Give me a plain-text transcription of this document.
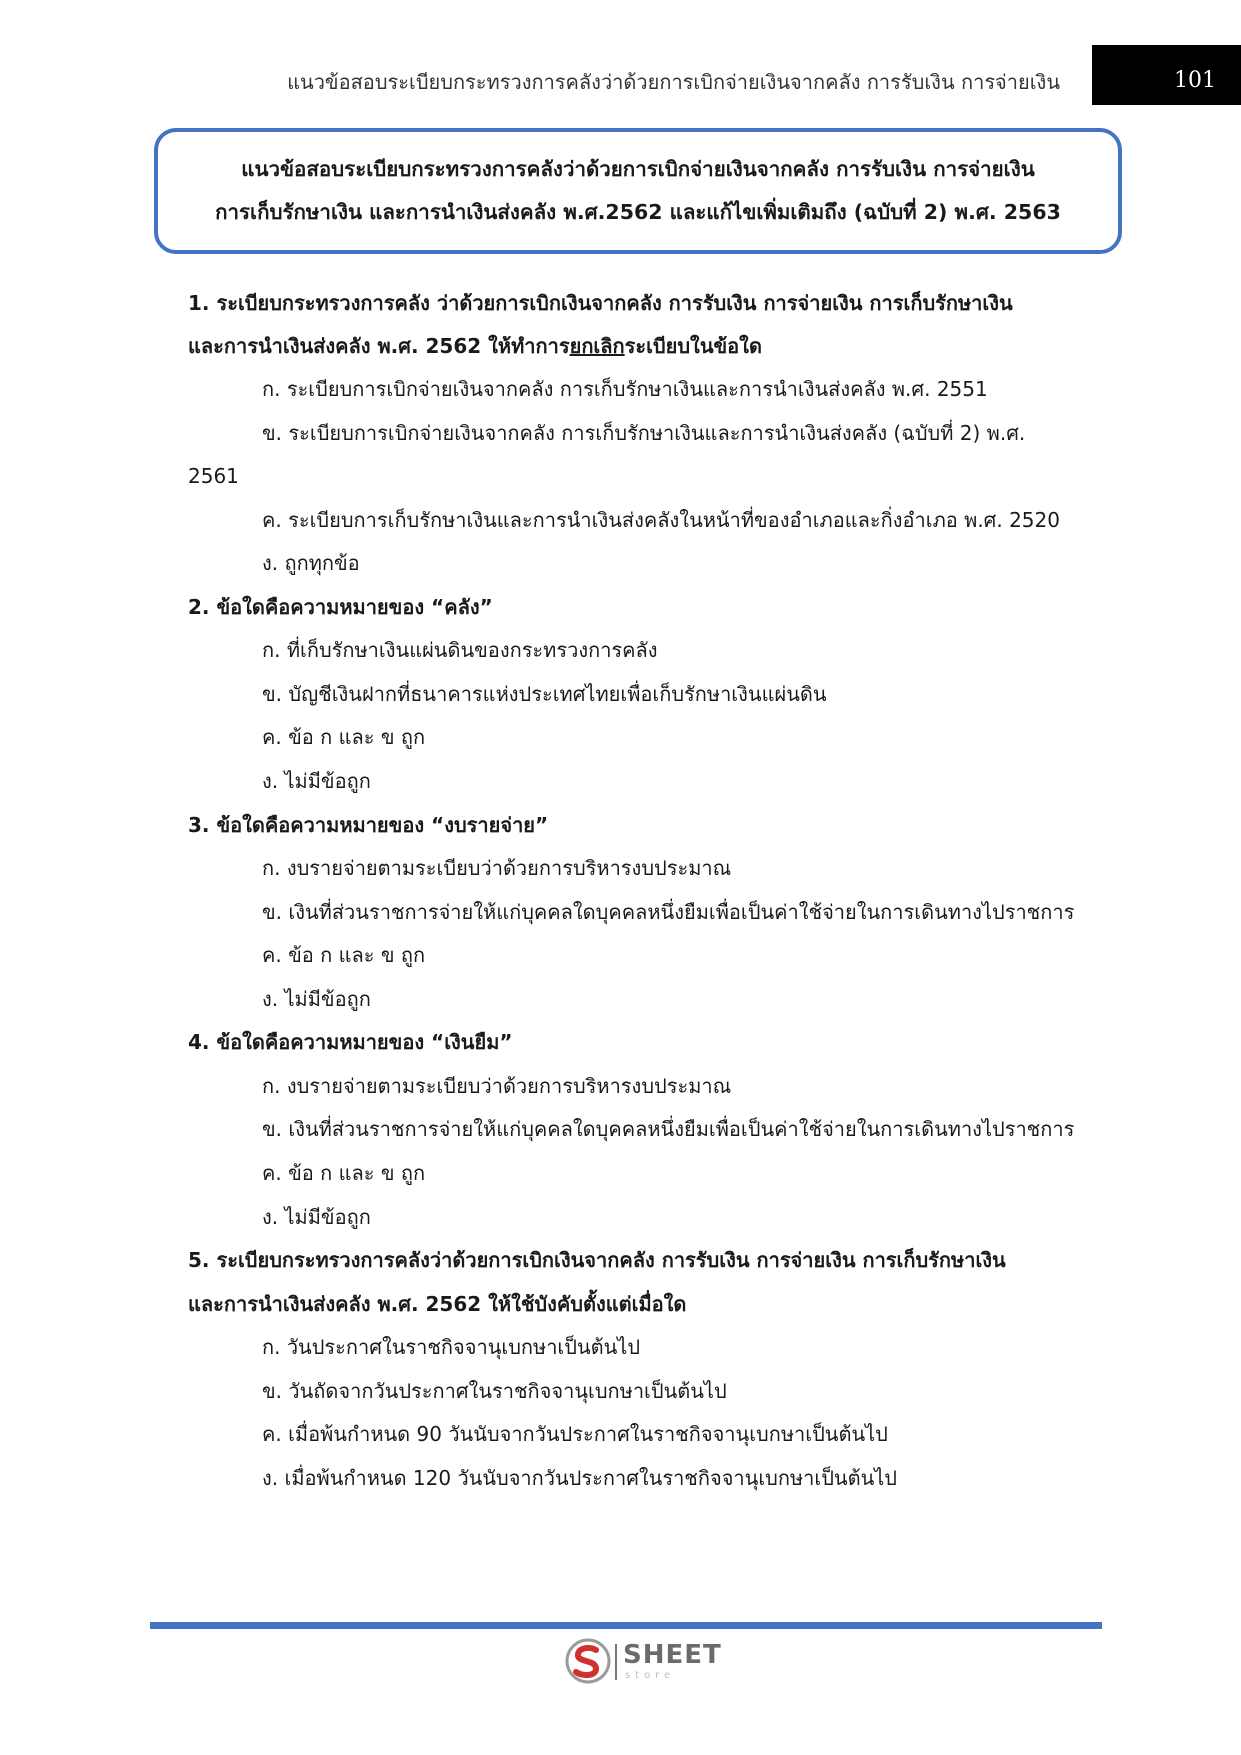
แนวข้อสอบระเบียบกระทรวงการคลังว่าด้วยการเบิกจ่ายเงินจากคลัง การรับเงิน การจ่ายเงิน	101
แนวข้อสอบระเบียบกระทรวงการคลังว่าด้วยการเบิกจ่ายเงินจากคลัง การรับเงิน การจ่ายเงิน
การเก็บรักษาเงิน และการนำเงินส่งคลัง พ.ศ.2562 และแก้ไขเพิ่มเติมถึง (ฉบับที่ 2) พ.ศ. 2563
1. ระเบียบกระทรวงการคลัง ว่าด้วยการเบิกเงินจากคลัง การรับเงิน การจ่ายเงิน การเก็บรักษาเงิน
และการนำเงินส่งคลัง พ.ศ. 2562 ให้ทำการยกเลิกระเบียบในข้อใด
ก. ระเบียบการเบิกจ่ายเงินจากคลัง การเก็บรักษาเงินและการนำเงินส่งคลัง พ.ศ. 2551
ข. ระเบียบการเบิกจ่ายเงินจากคลัง การเก็บรักษาเงินและการนำเงินส่งคลัง (ฉบับที่ 2) พ.ศ.
2561
ค. ระเบียบการเก็บรักษาเงินและการนำเงินส่งคลังในหน้าที่ของอำเภอและกิ่งอำเภอ พ.ศ. 2520
ง. ถูกทุกข้อ
2. ข้อใดคือความหมายของ “คลัง”
ก. ที่เก็บรักษาเงินแผ่นดินของกระทรวงการคลัง
ข. บัญชีเงินฝากที่ธนาคารแห่งประเทศไทยเพื่อเก็บรักษาเงินแผ่นดิน
ค. ข้อ ก และ ข ถูก
ง. ไม่มีข้อถูก
3. ข้อใดคือความหมายของ “งบรายจ่าย”
ก. งบรายจ่ายตามระเบียบว่าด้วยการบริหารงบประมาณ
ข. เงินที่ส่วนราชการจ่ายให้แก่บุคคลใดบุคคลหนึ่งยืมเพื่อเป็นค่าใช้จ่ายในการเดินทางไปราชการ
ค. ข้อ ก และ ข ถูก
ง. ไม่มีข้อถูก
4. ข้อใดคือความหมายของ “เงินยืม”
ก. งบรายจ่ายตามระเบียบว่าด้วยการบริหารงบประมาณ
ข. เงินที่ส่วนราชการจ่ายให้แก่บุคคลใดบุคคลหนึ่งยืมเพื่อเป็นค่าใช้จ่ายในการเดินทางไปราชการ
ค. ข้อ ก และ ข ถูก
ง. ไม่มีข้อถูก
5. ระเบียบกระทรวงการคลังว่าด้วยการเบิกเงินจากคลัง การรับเงิน การจ่ายเงิน การเก็บรักษาเงิน
และการนำเงินส่งคลัง พ.ศ. 2562 ให้ใช้บังคับตั้งแต่เมื่อใด
ก. วันประกาศในราชกิจจานุเบกษาเป็นต้นไป
ข. วันถัดจากวันประกาศในราชกิจจานุเบกษาเป็นต้นไป
ค. เมื่อพ้นกำหนด 90 วันนับจากวันประกาศในราชกิจจานุเบกษาเป็นต้นไป
ง. เมื่อพ้นกำหนด 120 วันนับจากวันประกาศในราชกิจจานุเบกษาเป็นต้นไป
SHEET
store
